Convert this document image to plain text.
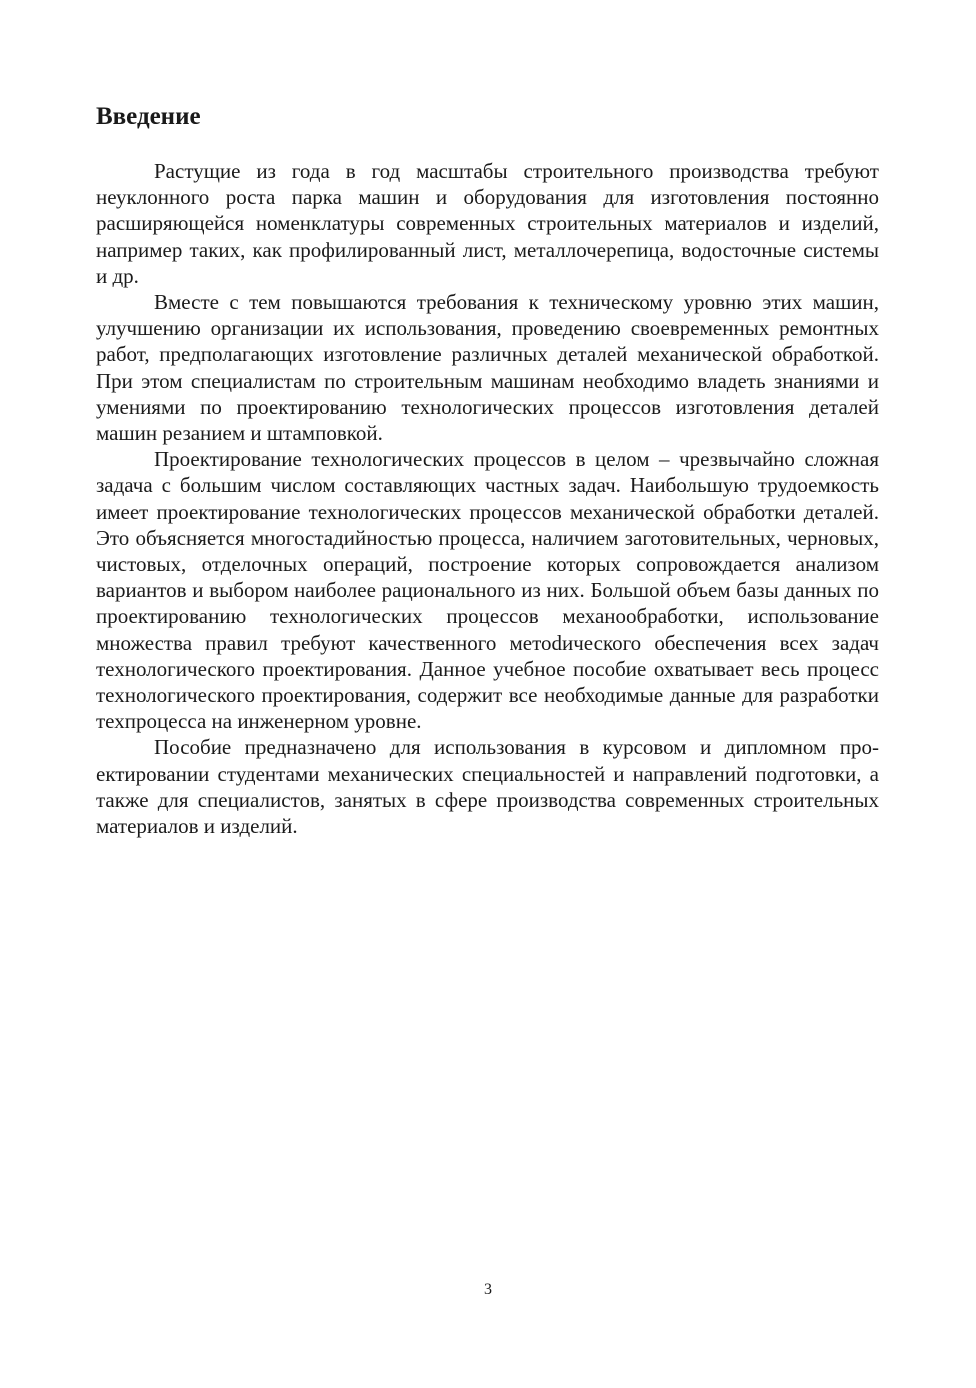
Введение

Растущие из года в год масштабы строительного производства требуют неуклонного роста парка машин и оборудования для изготовления постоянно расширяющейся номенклатуры современных строительных материалов и изделий, например таких, как профилированный лист, металлочерепица, водосточные системы и др.

Вместе с тем повышаются требования к техническому уровню этих машин, улучшению организации их использования, проведению своевременных ремонтных работ, предполагающих изготовление различных деталей механической обработкой. При этом специалистам по строительным машинам необходимо владеть знаниями и умениями по проектированию технологических процессов изготовления деталей машин резанием и штамповкой.

Проектирование технологических процессов в целом – чрезвычайно сложная задача с большим числом составляющих частных задач. Наибольшую трудоемкость имеет проектирование технологических процессов механической обработки деталей. Это объясняется многостадийностью процесса, наличием заготовительных, черновых, чистовых, отделочных операций, построение которых сопровождается анализом вариантов и выбором наиболее рационального из них. Большой объем базы данных по проектированию технологических процессов механообработки, использование множества правил требуют качественного метоdического обеспечения всех задач технологического проектирования. Данное учебное пособие охватывает весь процесс технологического проектирования, содержит все необходимые данные для разработки техпроцесса на инженерном уровне.

Пособие предназначено для использования в курсовом и дипломном проектировании студентами механических специальностей и направлений подготовки, а также для специалистов, занятых в сфере производства современных строительных материалов и изделий.

3
